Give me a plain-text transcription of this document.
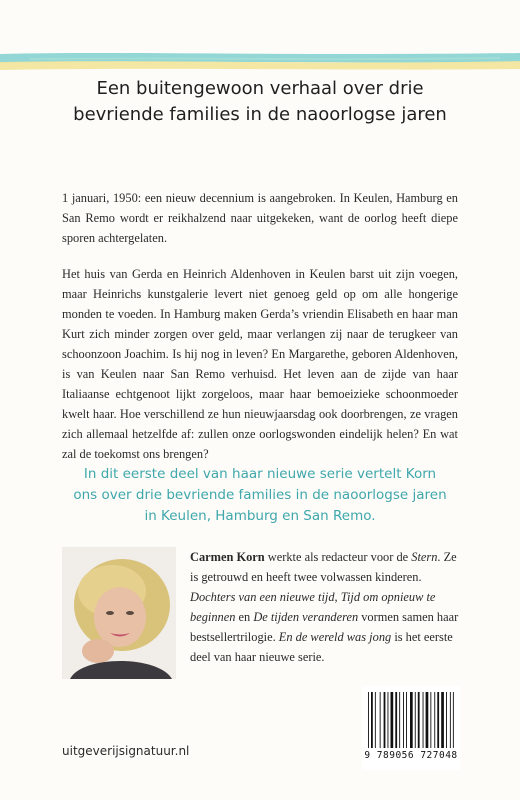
Een buitengewoon verhaal over drie
bevriende families in de naoorlogse jaren

1 januari, 1950: een nieuw decennium is aangebroken. In Keulen, Hamburg en San Remo wordt er reikhalzend naar uitgekeken, want de oorlog heeft diepe sporen achtergelaten.

Het huis van Gerda en Heinrich Aldenhoven in Keulen barst uit zijn voegen, maar Heinrichs kunstgalerie levert niet genoeg geld op om alle hongerige monden te voeden. In Hamburg maken Gerda’s vriendin Elisabeth en haar man Kurt zich minder zorgen over geld, maar verlangen zij naar de terugkeer van schoonzoon Joachim. Is hij nog in leven? En Margarethe, geboren Aldenhoven, is van Keulen naar San Remo verhuisd. Het leven aan de zijde van haar Italiaanse echtgenoot lijkt zorgeloos, maar haar bemoeizieke schoonmoeder kwelt haar. Hoe verschillend ze hun nieuwjaarsdag ook doorbrengen, ze vragen zich allemaal hetzelfde af: zullen onze oorlogswonden eindelijk helen? En wat zal de toekomst ons brengen?

In dit eerste deel van haar nieuwe serie vertelt Korn
ons over drie bevriende families in de naoorlogse jaren
in Keulen, Hamburg en San Remo.

Carmen Korn werkte als redacteur voor de Stern. Ze is getrouwd en heeft twee volwassen kinderen. Dochters van een nieuwe tijd, Tijd om opnieuw te beginnen en De tijden veranderen vormen samen haar bestsellertrilogie. En de wereld was jong is het eerste deel van haar nieuwe serie.

uitgeverijsignatuur.nl	9 789056 727048
